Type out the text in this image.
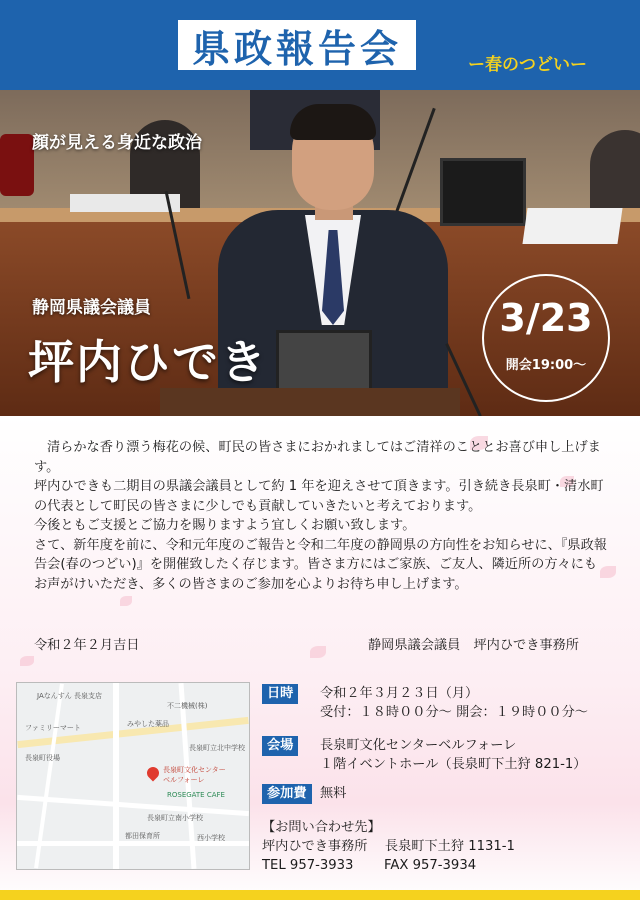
県政報告会	ー春のつどいー
顔が見える身近な政治
静岡県議会議員
坪内ひでき
3/23
開会19:00～

清らかな香り漂う梅花の候、町民の皆さまにおかれましてはご清祥のこととお喜び申し上げます。

坪内ひできも二期目の県議会議員として約 1 年を迎えさせて頂きます。引き続き長泉町・清水町の代表として町民の皆さまに少しでも貢献していきたいと考えております。

今後ともご支援とご協力を賜りますよう宜しくお願い致します。

さて、新年度を前に、令和元年度のご報告と令和二年度の静岡県の方向性をお知らせに、『県政報告会(春のつどい)』を開催致したく存じます。皆さま方にはご家族、ご友人、隣近所の方々にもお声がけいただき、多くの皆さまのご参加を心よりお待ち申し上げます。

令和２年２月吉日	静岡県議会議員　坪内ひでき事務所
JAなんすん 長泉支店
不二機械(株)
みやした薬品
長泉町文化センター ベルフォーレ
ROSEGATE CAFE
長泉町立北中学校
長泉町立南小学校
都田保育所
ファミリーマート
長泉町役場
西小学校
日時	令和２年３月２３日（月）
受付：１８時００分～ 開会：１９時００分～
会場	長泉町文化センターベルフォーレ
１階イベントホール（長泉町下土狩 821-1）
参加費	無料
【お問い合わせ先】
坪内ひでき事務所　 長泉町下土狩 1131-1
TEL 957-3933　　 FAX 957-3934
